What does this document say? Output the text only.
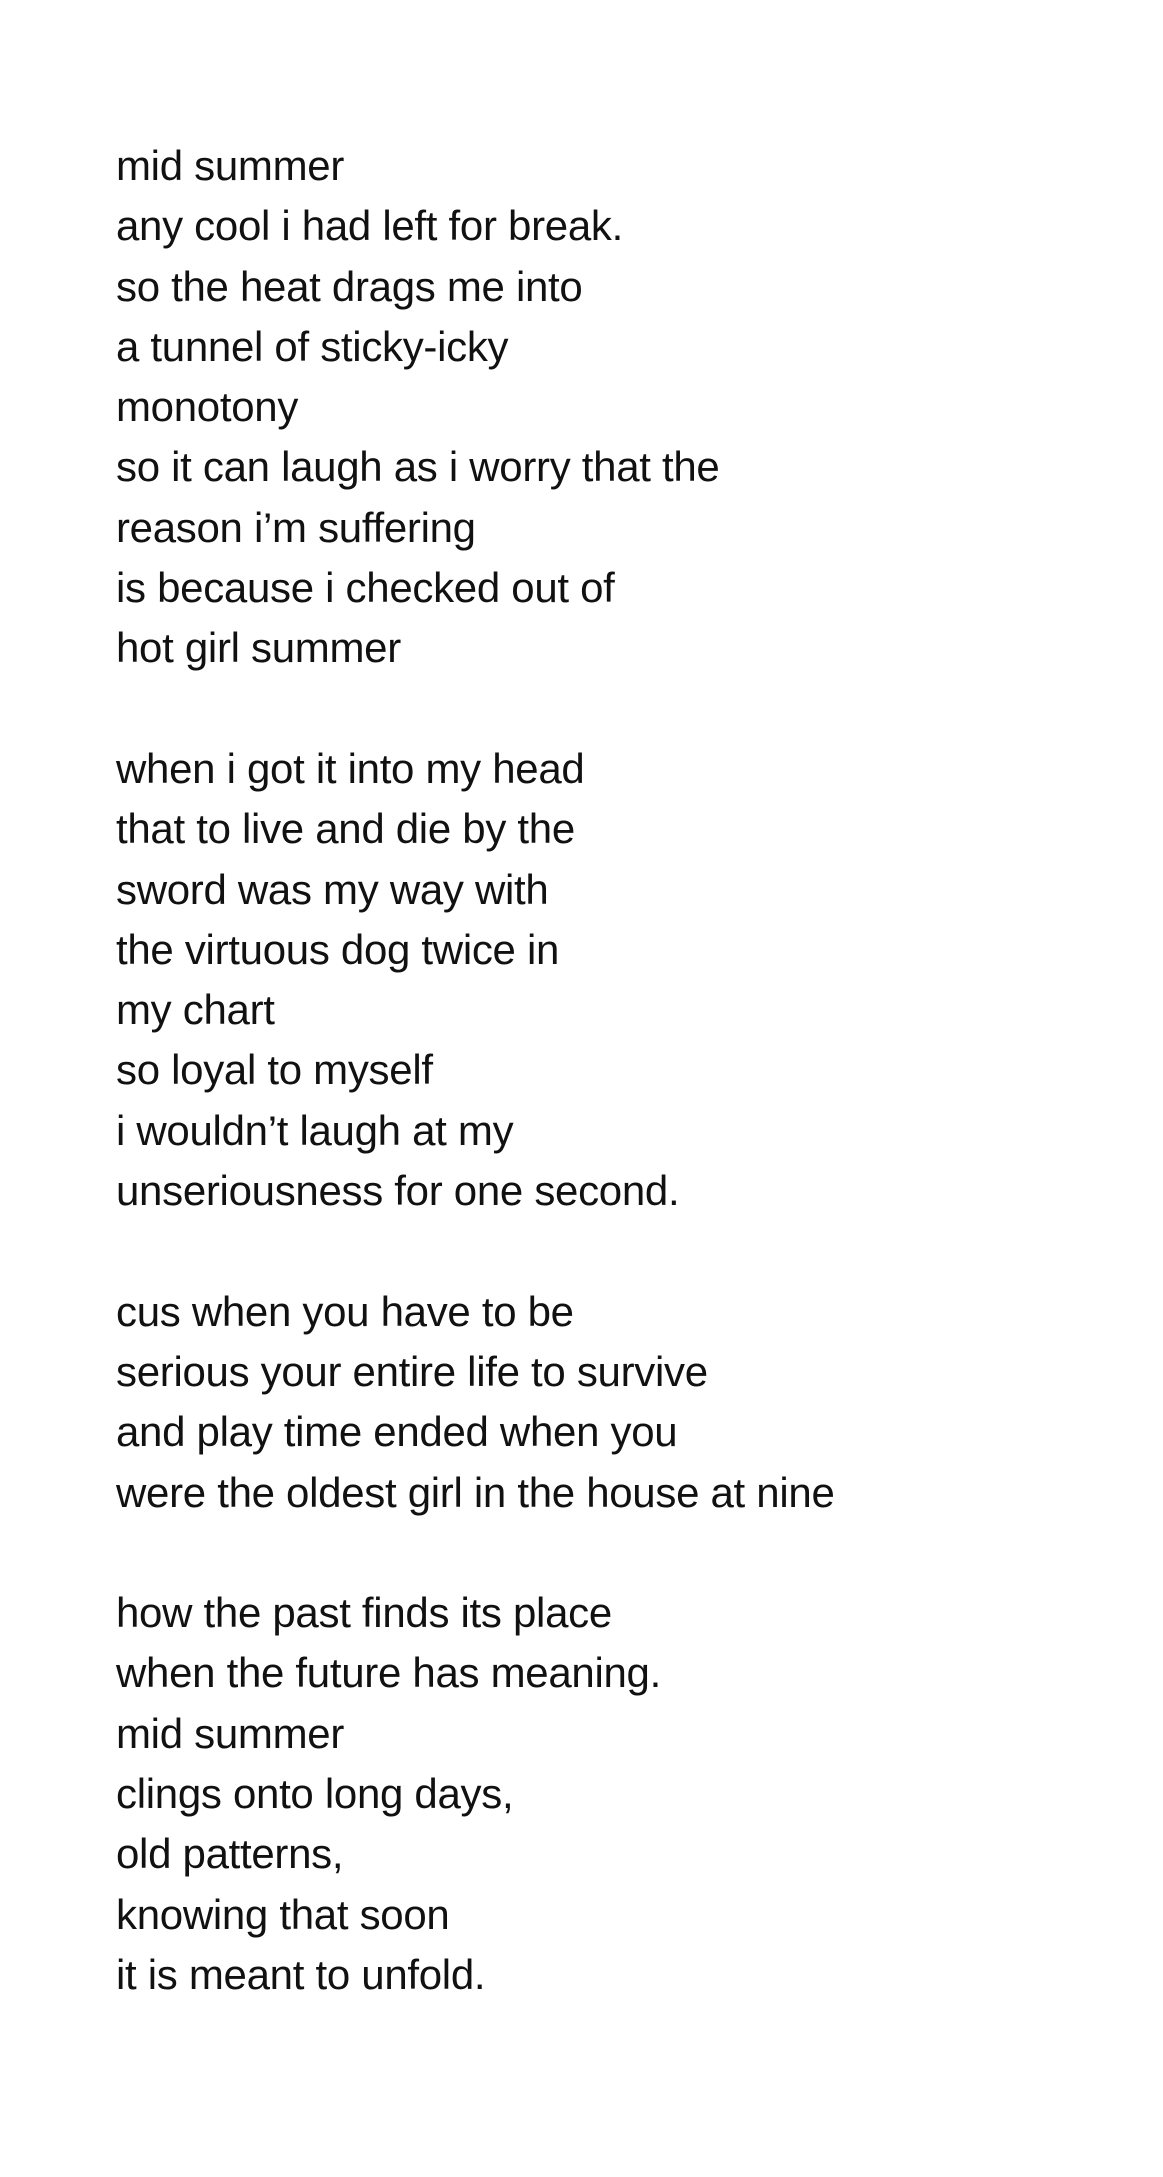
mid summer
any cool i had left for break.
so the heat drags me into
a tunnel of sticky-icky
monotony
so it can laugh as i worry that the
reason i’m suffering
is because i checked out of
hot girl summer
when i got it into my head
that to live and die by the
sword was my way with
the virtuous dog twice in
my chart
so loyal to myself
i wouldn’t laugh at my
unseriousness for one second.
cus when you have to be
serious your entire life to survive
and play time ended when you
were the oldest girl in the house at nine
how the past finds its place
when the future has meaning.
mid summer
clings onto long days,
old patterns,
knowing that soon
it is meant to unfold.
